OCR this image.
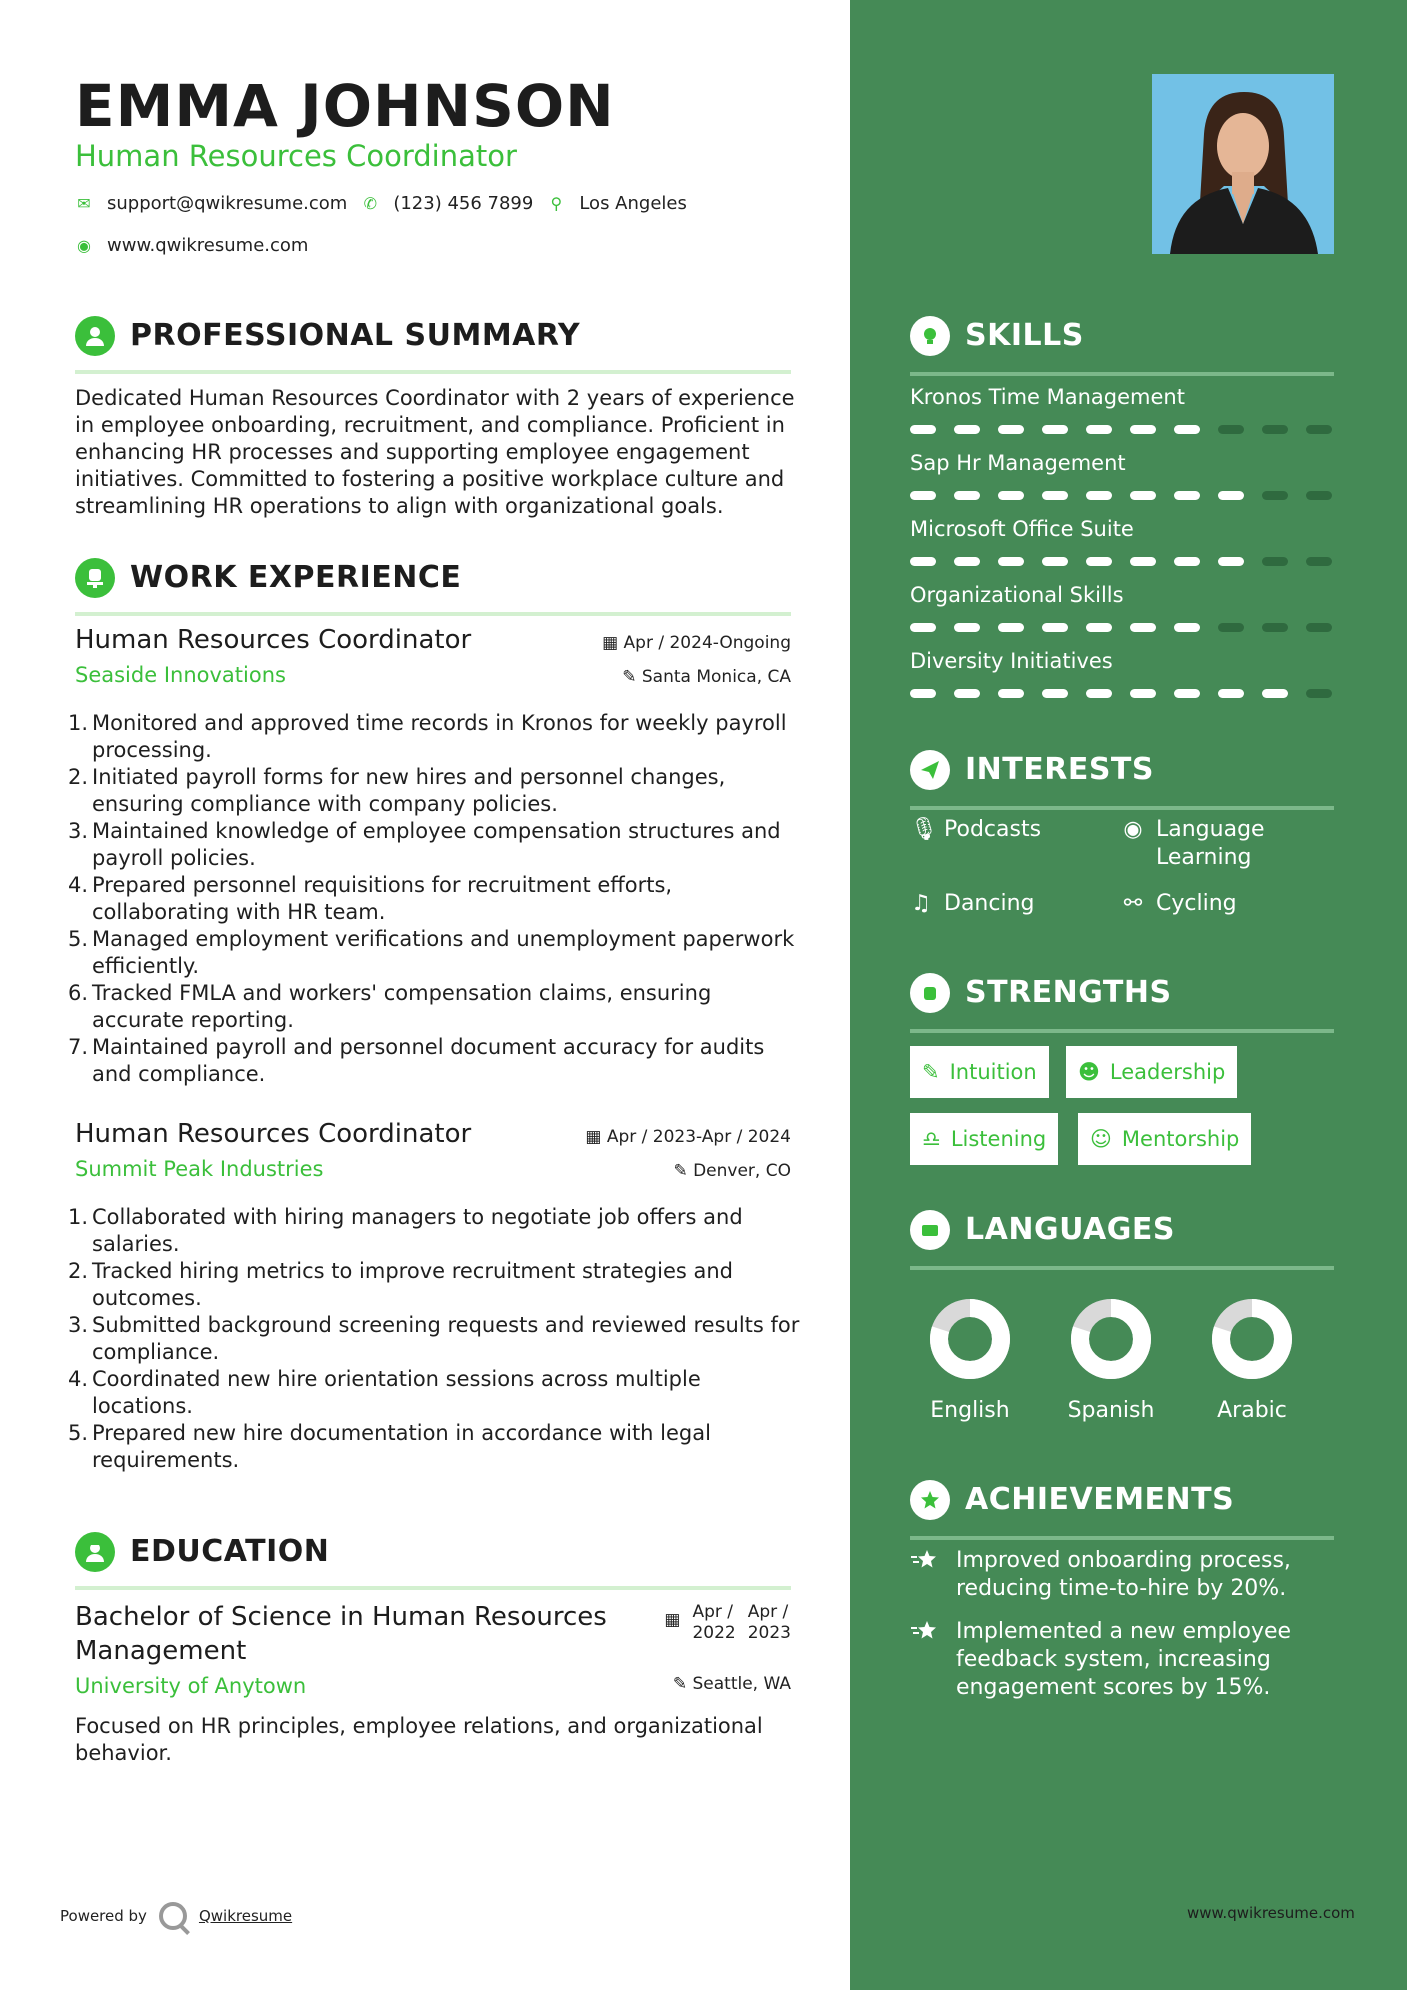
EMMA JOHNSON
Human Resources Coordinator
✉ support@qwikresume.com ✆ (123) 456 7899 ⚲ Los Angeles
◉ www.qwikresume.com
PROFESSIONAL SUMMARY
Dedicated Human Resources Coordinator with 2 years of experience in employee onboarding, recruitment, and compliance. Proficient in enhancing HR processes and supporting employee engagement initiatives. Committed to fostering a positive workplace culture and streamlining HR operations to align with organizational goals.
WORK EXPERIENCE
Human Resources Coordinator
Seaside Innovations
▦ Apr / 2024-Ongoing
✎ Santa Monica, CA
1. Monitored and approved time records in Kronos for weekly payroll processing.
2. Initiated payroll forms for new hires and personnel changes, ensuring compliance with company policies.
3. Maintained knowledge of employee compensation structures and payroll policies.
4. Prepared personnel requisitions for recruitment efforts, collaborating with HR team.
5. Managed employment verifications and unemployment paperwork efficiently.
6. Tracked FMLA and workers' compensation claims, ensuring accurate reporting.
7. Maintained payroll and personnel document accuracy for audits and compliance.
Human Resources Coordinator
Summit Peak Industries
▦ Apr / 2023-Apr / 2024
✎ Denver, CO
1. Collaborated with hiring managers to negotiate job offers and salaries.
2. Tracked hiring metrics to improve recruitment strategies and outcomes.
3. Submitted background screening requests and reviewed results for compliance.
4. Coordinated new hire orientation sessions across multiple locations.
5. Prepared new hire documentation in accordance with legal requirements.
EDUCATION
Bachelor of Science in Human Resources
Management
University of Anytown
▦ Apr /
2022
Apr /
2023
✎ Seattle, WA
Focused on HR principles, employee relations, and organizational behavior.
Powered by	Qwikresume
SKILLS
Kronos Time Management
Sap Hr Management
Microsoft Office Suite
Organizational Skills
Diversity Initiatives
INTERESTS
🎙 Podcasts	◉ Language
Learning
♫ Dancing	⚯ Cycling
STRENGTHS
✎ Intuition ☻ Leadership
♎ Listening ☺ Mentorship
LANGUAGES
English	Spanish	Arabic
ACHIEVEMENTS
Improved onboarding process,
reducing time-to-hire by 20%.
Implemented a new employee
feedback system, increasing
engagement scores by 15%.
www.qwikresume.com
